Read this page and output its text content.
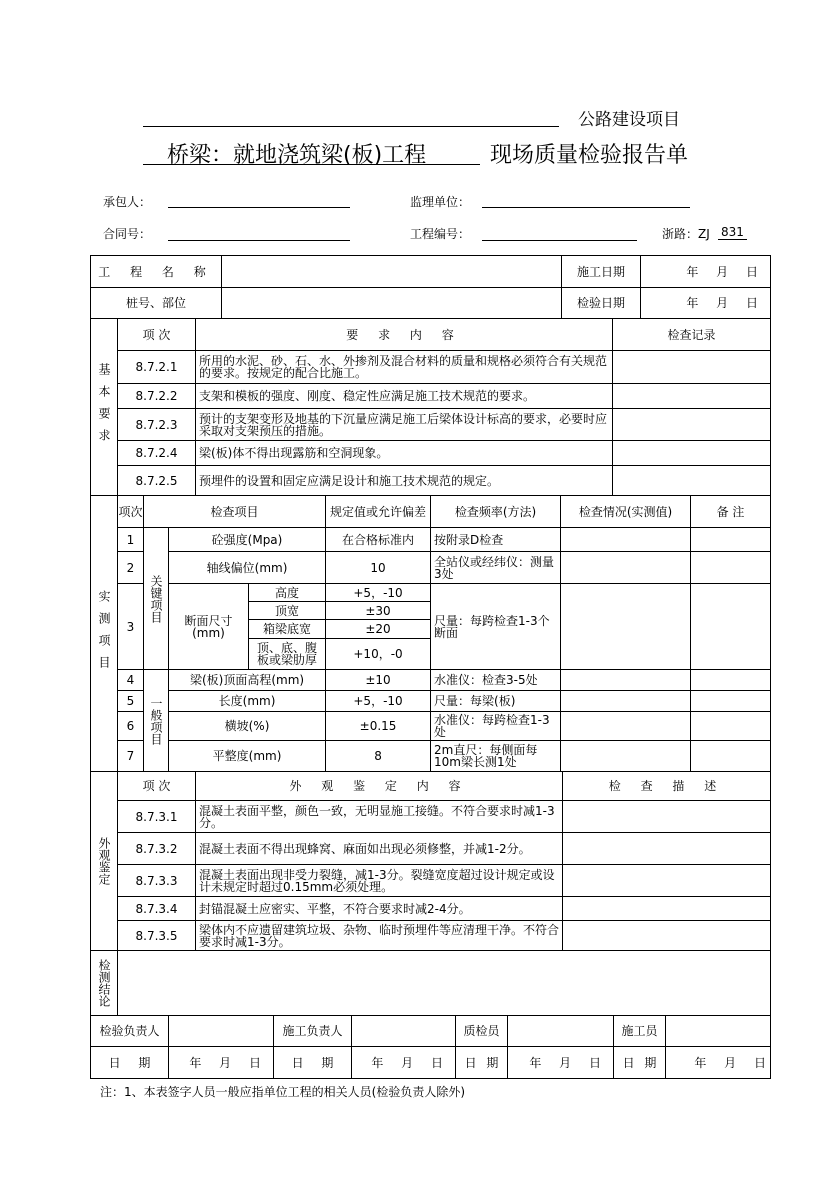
公路建设项目
桥梁：就地浇筑梁(板)工程	现场质量检验报告单
承包人：	监理单位：
合同号：	工程编号：	浙路：ZJ 831
工 程 名 称		施工日期	年 月 日
桩号、部位		检验日期	年 月 日
基本要求	项 次	要 求 内 容	检查记录
	8.7.2.1	所用的水泥、砂、石、水、外掺剂及混合材料的质量和规格必须符合有关规范的要求。按规定的配合比施工。	
	8.7.2.2	支架和模板的强度、刚度、稳定性应满足施工技术规范的要求。	
	8.7.2.3	预计的支架变形及地基的下沉量应满足施工后梁体设计标高的要求，必要时应采取对支架预压的措施。	
	8.7.2.4	梁(板)体不得出现露筋和空洞现象。	
	8.7.2.5	预埋件的设置和固定应满足设计和施工技术规范的规定。	
实测项目	项次	检查项目			规定值或允许偏差	检查频率(方法)	检查情况(实测值)	备 注
	1	关键项目	砼强度(Mpa)		在合格标准内	按附录D检查		
	2		轴线偏位(mm)		10	全站仪或经纬仪：测量3处		
	3		断面尺寸(mm)	高度	+5，-10	尺量：每跨检查1-3个断面		
				顶宽	±30			
				箱梁底宽	±20			
				顶、底、腹板或梁肋厚	+10，-0			
	4	一般项目	梁(板)顶面高程(mm)		±10	水准仪：检查3-5处		
	5		长度(mm)		+5，-10	尺量：每梁(板)		
	6		横坡(%)		±0.15	水准仪：每跨检查1-3处		
	7		平整度(mm)		8	2m直尺：每侧面每10m梁长测1处		
外观鉴定	项 次	外 观 鉴 定 内 容	检 查 描 述
	8.7.3.1	混凝土表面平整，颜色一致，无明显施工接缝。不符合要求时减1-3分。	
	8.7.3.2	混凝土表面不得出现蜂窝、麻面如出现必须修整，并减1-2分。	
	8.7.3.3	混凝土表面出现非受力裂缝，减1-3分。裂缝宽度超过设计规定或设计未规定时超过0.15mm必须处理。	
	8.7.3.4	封锚混凝土应密实、平整，不符合要求时减2-4分。	
	8.7.3.5	梁体内不应遗留建筑垃圾、杂物、临时预埋件等应清理干净。不符合要求时减1-3分。	
检测结论	
检验负责人		施工负责人		质检员		施工员	
日 期	年 月 日	日 期	年 月 日	日 期	年 月 日	日 期	年 月 日
注：1、本表签字人员一般应指单位工程的相关人员(检验负责人除外)
